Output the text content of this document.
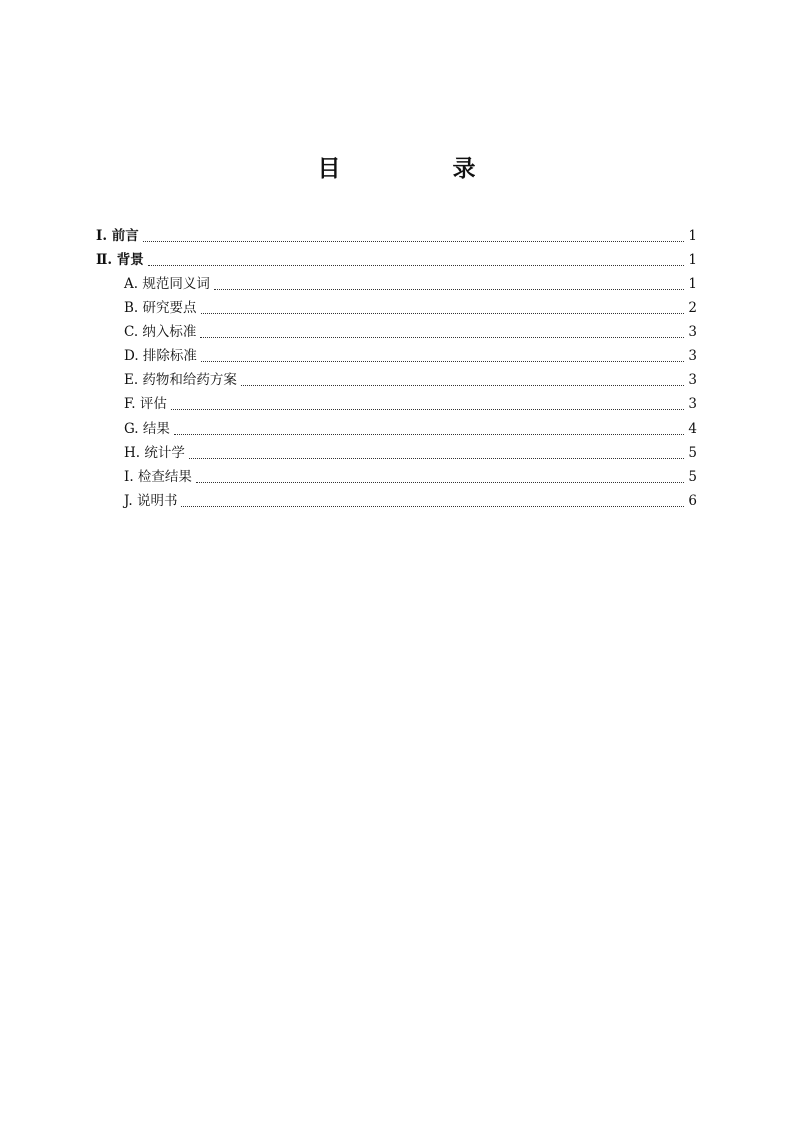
目 录
Ⅰ. 前言	1
Ⅱ. 背景	1
A. 规范同义词	1
B. 研究要点	2
C. 纳入标准	3
D. 排除标准	3
E. 药物和给药方案	3
F. 评估	3
G. 结果	4
H. 统计学	5
Ⅰ. 检查结果	5
J. 说明书	6
